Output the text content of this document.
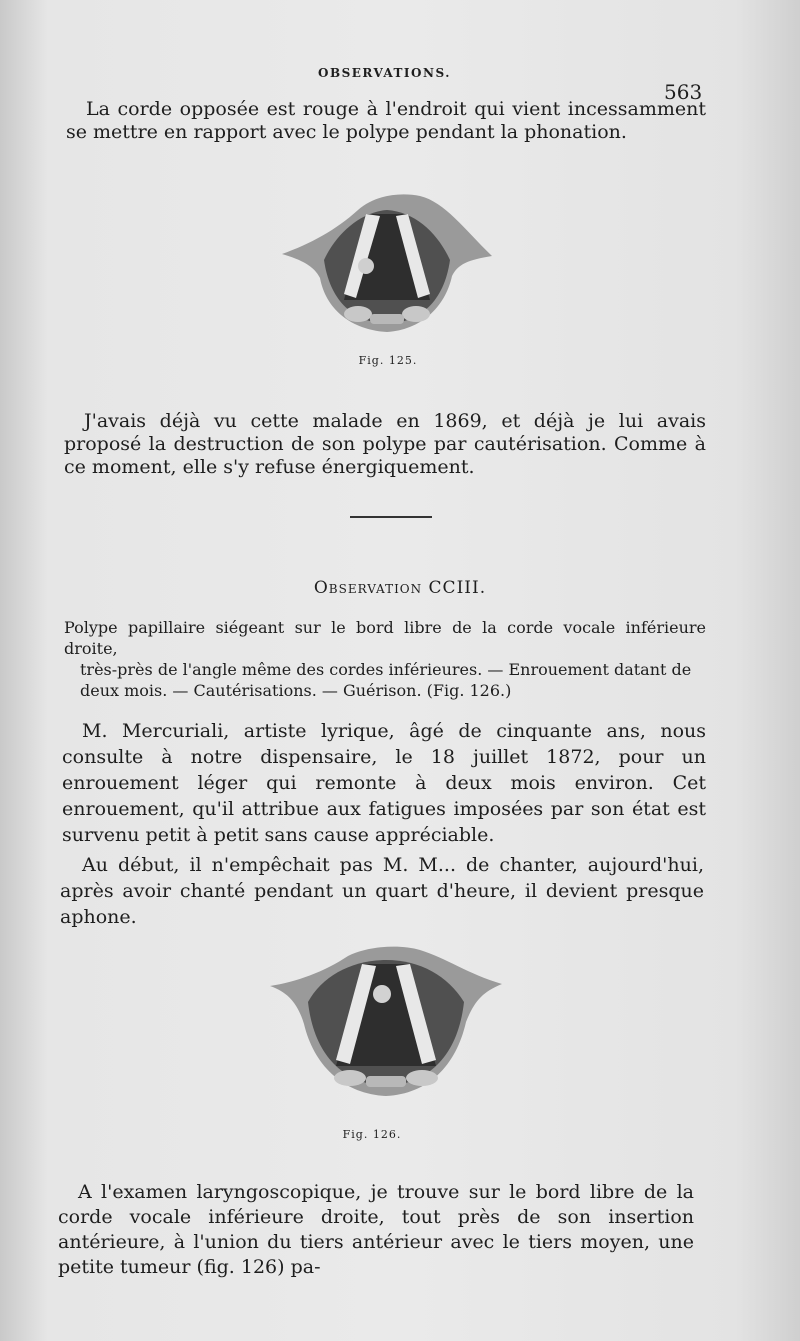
OBSERVATIONS.
563
La corde opposée est rouge à l'endroit qui vient incessamment se mettre en rapport avec le polype pendant la phonation.
Fig. 125.
J'avais déjà vu cette malade en 1869, et déjà je lui avais proposé la destruction de son polype par cautérisation. Comme à ce moment, elle s'y refuse énergiquement.
Observation CCIII.
Polype papillaire siégeant sur le bord libre de la corde vocale inférieure droite,
très-près de l'angle même des cordes inférieures. — Enrouement datant de
deux mois. — Cautérisations. — Guérison. (Fig. 126.)
M. Mercuriali, artiste lyrique, âgé de cinquante ans, nous consulte à notre dispensaire, le 18 juillet 1872, pour un enrouement léger qui remonte à deux mois environ. Cet enrouement, qu'il attribue aux fatigues imposées par son état est survenu petit à petit sans cause appréciable.
Au début, il n'empêchait pas M. M... de chanter, aujourd'hui, après avoir chanté pendant un quart d'heure, il devient presque aphone.
Fig. 126.
A l'examen laryngoscopique, je trouve sur le bord libre de la corde vocale inférieure droite, tout près de son insertion antérieure, à l'union du tiers antérieur avec le tiers moyen, une petite tumeur (fig. 126) pa-
